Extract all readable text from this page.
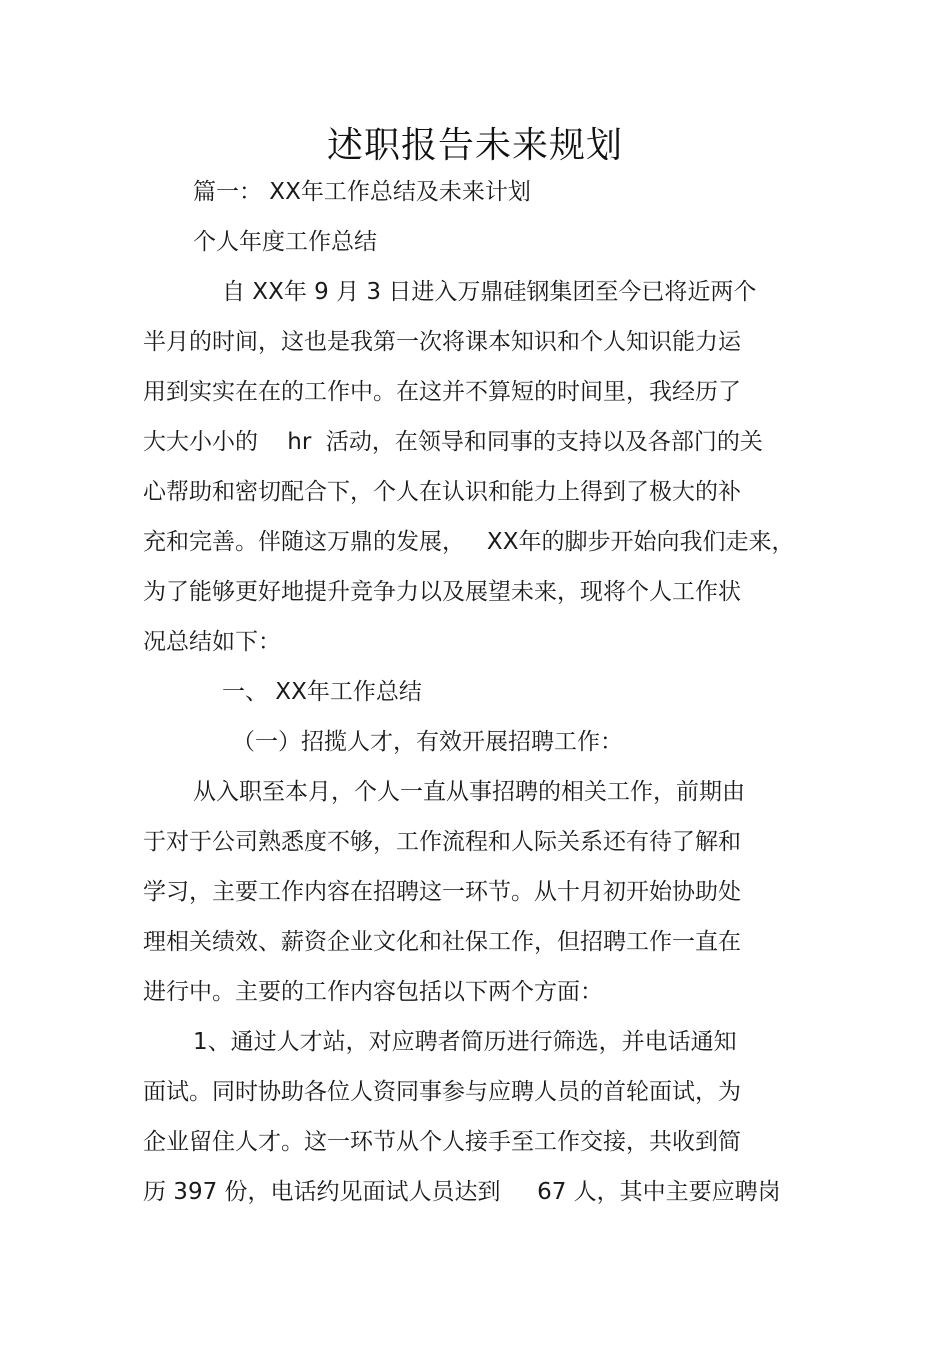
述职报告未来规划
篇一： XX年工作总结及未来计划
个人年度工作总结
自 XX年 9 月 3 日进入万鼎硅钢集团至今已将近两个
半月的时间，这也是我第一次将课本知识和个人知识能力运
用到实实在在的工作中。在这并不算短的时间里，我经历了
大大小小的    hr  活动，在领导和同事的支持以及各部门的关
心帮助和密切配合下，个人在认识和能力上得到了极大的补
充和完善。伴随这万鼎的发展，   XX年的脚步开始向我们走来，
为了能够更好地提升竞争力以及展望未来，现将个人工作状
况总结如下：
一、 XX年工作总结
（一）招揽人才，有效开展招聘工作：
从入职至本月，个人一直从事招聘的相关工作，前期由
于对于公司熟悉度不够，工作流程和人际关系还有待了解和
学习，主要工作内容在招聘这一环节。从十月初开始协助处
理相关绩效、薪资企业文化和社保工作，但招聘工作一直在
进行中。主要的工作内容包括以下两个方面：
1、通过人才站，对应聘者简历进行筛选，并电话通知
面试。同时协助各位人资同事参与应聘人员的首轮面试，为
企业留住人才。这一环节从个人接手至工作交接，共收到简
历 397 份，电话约见面试人员达到     67 人，其中主要应聘岗
